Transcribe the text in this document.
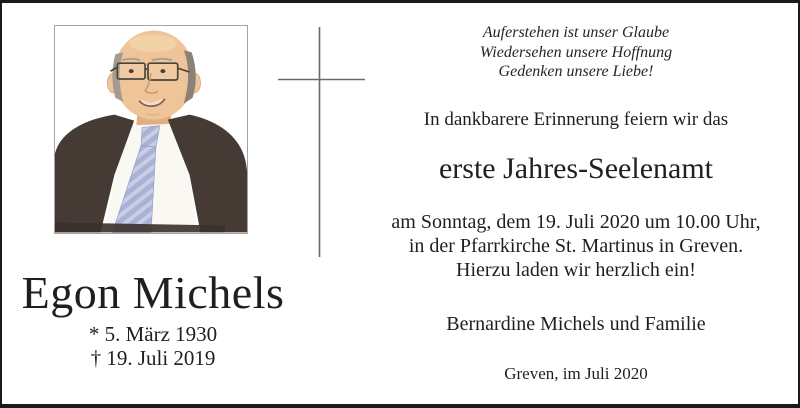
Egon Michels
* 5. März 1930
† 19. Juli 2019
Auferstehen ist unser Glaube
Wiedersehen unsere Hoffnung
Gedenken unsere Liebe!

In dankbarere Erinnerung feiern wir das

erste Jahres-Seelenamt
am Sonntag, dem 19. Juli 2020 um 10.00 Uhr,
in der Pfarrkirche St. Martinus in Greven.
Hierzu laden wir herzlich ein!

Bernardine Michels und Familie

Greven, im Juli 2020
